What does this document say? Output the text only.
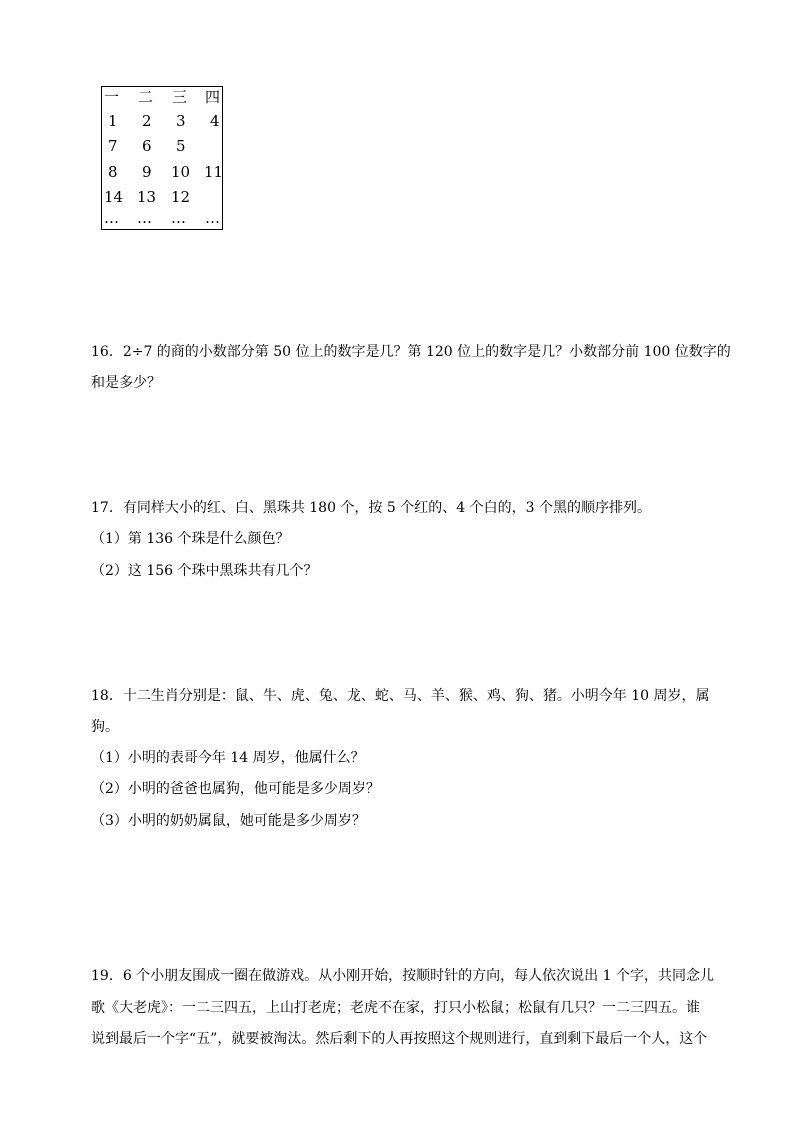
一 二 三 四
1 2 3 4
7 6 5
8 9 10 11
14 13 12
… … … …
16．2÷7 的商的小数部分第 50 位上的数字是几？第 120 位上的数字是几？小数部分前 100 位数字的
和是多少？
17．有同样大小的红、白、黑珠共 180 个，按 5 个红的、4 个白的，3 个黑的顺序排列。
（1）第 136 个珠是什么颜色？
（2）这 156 个珠中黑珠共有几个？
18．十二生肖分别是：鼠、牛、虎、兔、龙、蛇、马、羊、猴、鸡、狗、猪。小明今年 10 周岁，属
狗。
（1）小明的表哥今年 14 周岁，他属什么？
（2）小明的爸爸也属狗，他可能是多少周岁？
（3）小明的奶奶属鼠，她可能是多少周岁？
19．6 个小朋友围成一圈在做游戏。从小刚开始，按顺时针的方向，每人依次说出 1 个字，共同念儿
歌《大老虎》：一二三四五，上山打老虎；老虎不在家，打只小松鼠；松鼠有几只？一二三四五。谁
说到最后一个字“五”，就要被淘汰。然后剩下的人再按照这个规则进行，直到剩下最后一个人，这个
